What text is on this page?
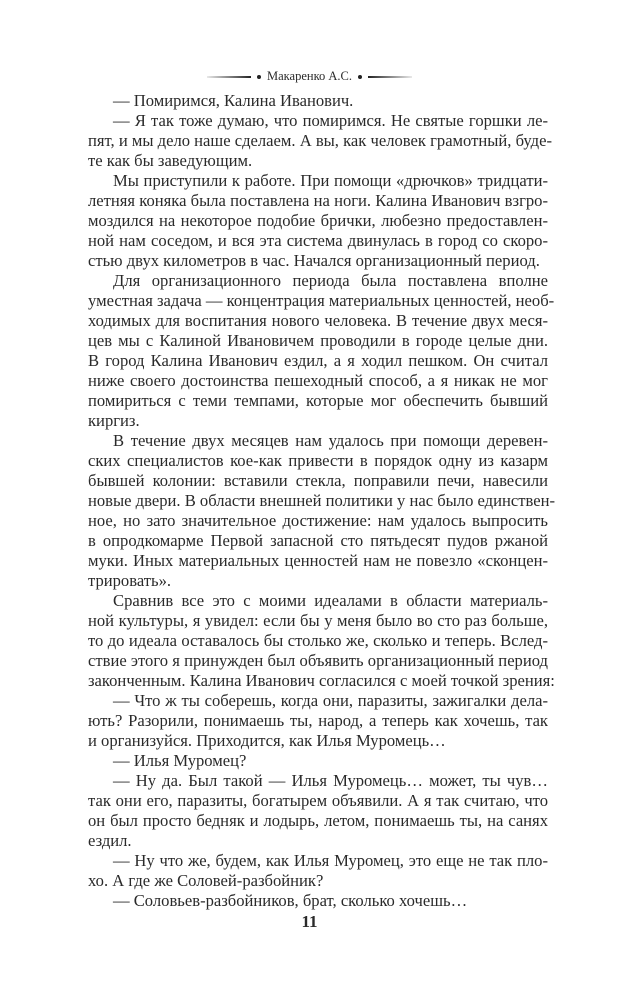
Макаренко А.С.
— Помиримся, Калина Иванович.
— Я так тоже думаю, что помиримся. Не святые горшки ле-
пят, и мы дело наше сделаем. А вы, как человек грамотный, буде-
те как бы заведующим.
Мы приступили к работе. При помощи «дрючков» тридцати-
летняя коняка была поставлена на ноги. Калина Иванович взгро-
моздился на некоторое подобие брички, любезно предоставлен-
ной нам соседом, и вся эта система двинулась в город со скоро-
стью двух километров в час. Начался организационный период.
Для организационного периода была поставлена вполне
уместная задача — концентрация материальных ценностей, необ-
ходимых для воспитания нового человека. В течение двух меся-
цев мы с Калиной Ивановичем проводили в городе целые дни.
В город Калина Иванович ездил, а я ходил пешком. Он считал
ниже своего достоинства пешеходный способ, а я никак не мог
помириться с теми темпами, которые мог обеспечить бывший
киргиз.
В течение двух месяцев нам удалось при помощи деревен-
ских специалистов кое-как привести в порядок одну из казарм
бывшей колонии: вставили стекла, поправили печи, навесили
новые двери. В области внешней политики у нас было единствен-
ное, но зато значительное достижение: нам удалось выпросить
в опродкомарме Первой запасной сто пятьдесят пудов ржаной
муки. Иных материальных ценностей нам не повезло «сконцен-
трировать».
Сравнив все это с моими идеалами в области материаль-
ной культуры, я увидел: если бы у меня было во сто раз больше,
то до идеала оставалось бы столько же, сколько и теперь. Вслед-
ствие этого я принужден был объявить организационный период
законченным. Калина Иванович согласился с моей точкой зрения:
— Что ж ты соберешь, когда они, паразиты, зажигалки дела-
ють? Разорили, понимаешь ты, народ, а теперь как хочешь, так
и организуйся. Приходится, как Илья Муромець…
— Илья Муромец?
— Ну да. Был такой — Илья Муромець… может, ты чув…
так они его, паразиты, богатырем объявили. А я так считаю, что
он был просто бедняк и лодырь, летом, понимаешь ты, на санях
ездил.
— Ну что же, будем, как Илья Муромец, это еще не так пло-
хо. А где же Соловей-разбойник?
— Соловьев-разбойников, брат, сколько хочешь…
11
